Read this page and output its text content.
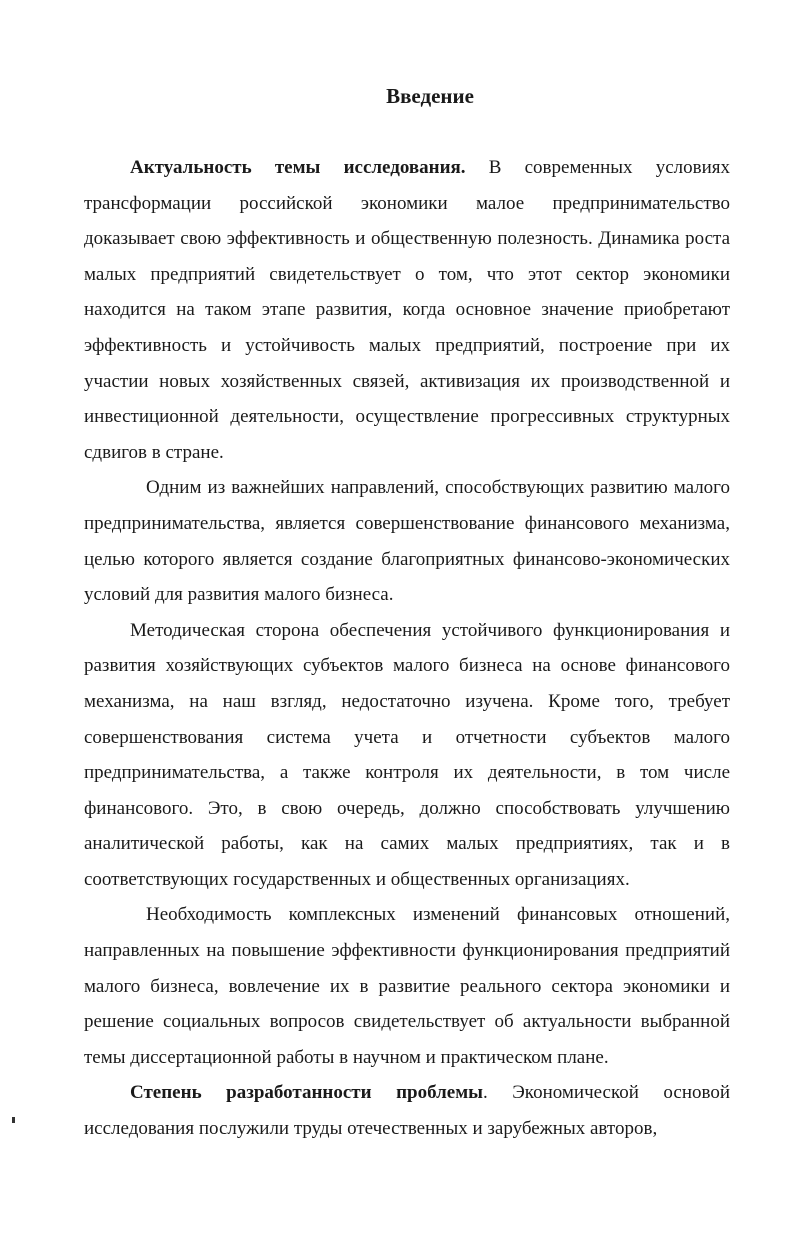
Введение

Актуальность темы исследования. В современных условиях трансформации российской экономики малое предпринимательство доказывает свою эффективность и общественную полезность. Динамика роста малых предприятий свидетельствует о том, что этот сектор экономики находится на таком этапе развития, когда основное значение приобретают эффективность и устойчивость малых предприятий, построение при их участии новых хозяйственных связей, активизация их производственной и инвестиционной деятельности, осуществление прогрессивных структурных сдвигов в стране.

Одним из важнейших направлений, способствующих развитию малого предпринимательства, является совершенствование финансового механизма, целью которого является создание благоприятных финансово-экономических условий для развития малого бизнеса.

Методическая сторона обеспечения устойчивого функционирования и развития хозяйствующих субъектов малого бизнеса на основе финансового механизма, на наш взгляд, недостаточно изучена. Кроме того, требует совершенствования система учета и отчетности субъектов малого предпринимательства, а также контроля их деятельности, в том числе финансового. Это, в свою очередь, должно способствовать улучшению аналитической работы, как на самих малых предприятиях, так и в соответствующих государственных и общественных организациях.

Необходимость комплексных изменений финансовых отношений, направленных на повышение эффективности функционирования предприятий малого бизнеса, вовлечение их в развитие реального сектора экономики и решение социальных вопросов свидетельствует об актуальности выбранной темы диссертационной работы в научном и практическом плане.

Степень разработанности проблемы. Экономической основой исследования послужили труды отечественных и зарубежных авторов,
